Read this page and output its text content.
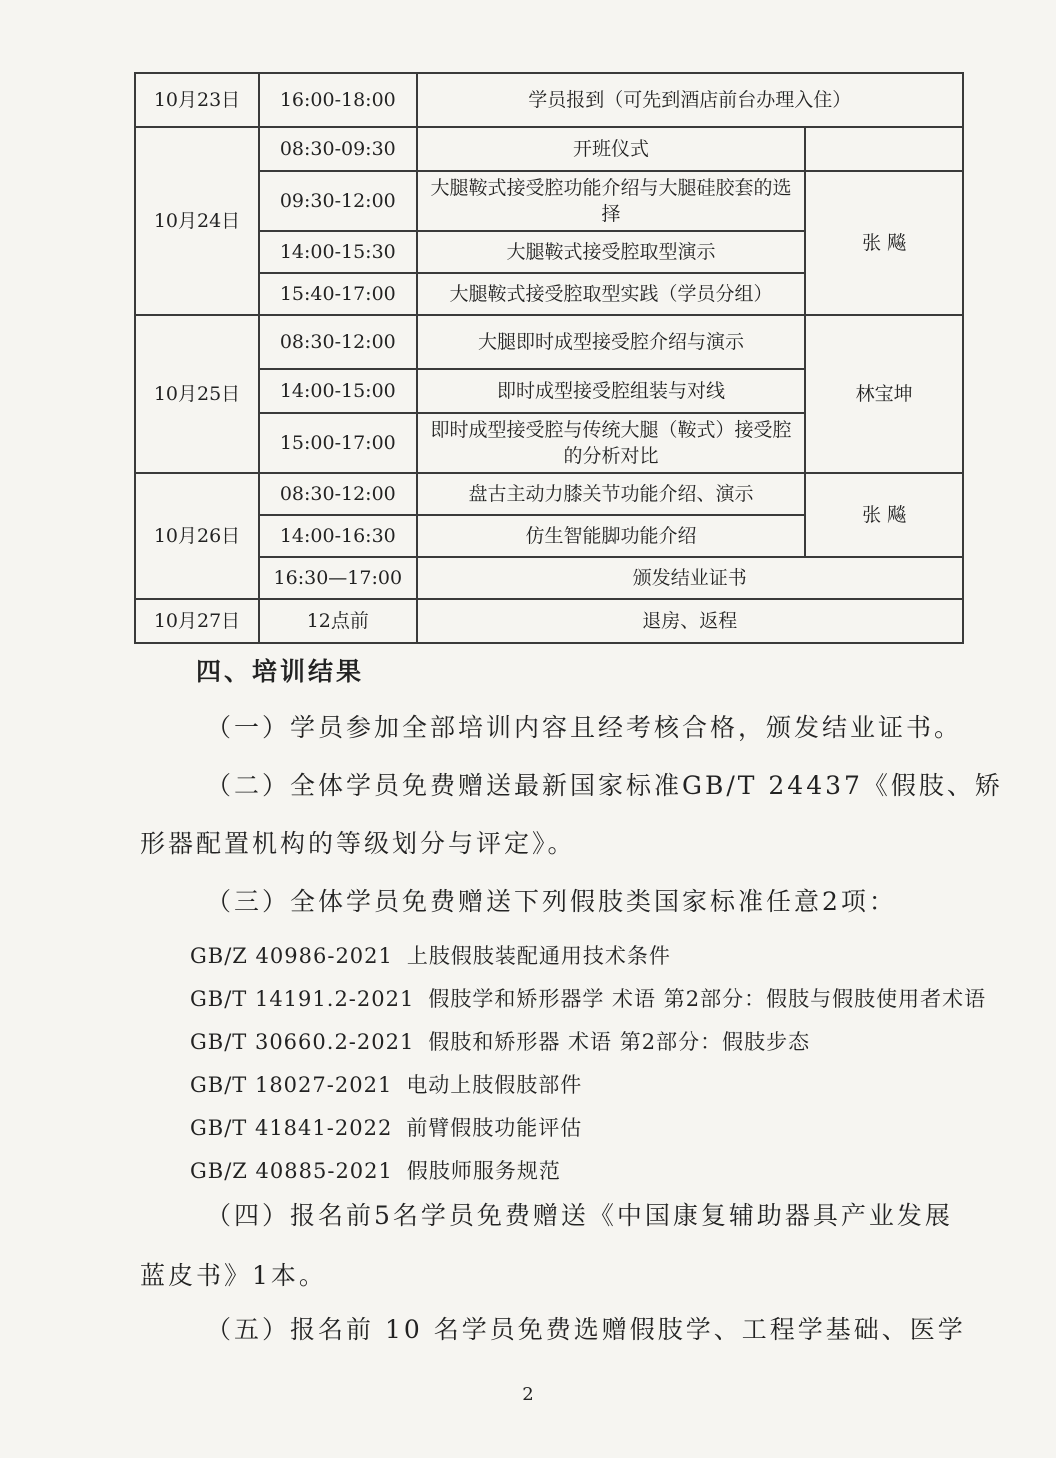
10月23日	16:00-18:00	学员报到（可先到酒店前台办理入住）	
10月24日	08:30-09:30	开班仪式	
	09:30-12:00	大腿鞍式接受腔功能介绍与大腿硅胶套的选择	张 飚
	14:00-15:30	大腿鞍式接受腔取型演示	
	15:40-17:00	大腿鞍式接受腔取型实践（学员分组）	
10月25日	08:30-12:00	大腿即时成型接受腔介绍与演示	林宝坤
	14:00-15:00	即时成型接受腔组装与对线	
	15:00-17:00	即时成型接受腔与传统大腿（鞍式）接受腔的分析对比	
10月26日	08:30-12:00	盘古主动力膝关节功能介绍、演示	张 飚
	14:00-16:30	仿生智能脚功能介绍	
	16:30—17:00	颁发结业证书	
10月27日	12点前	退房、返程	
四、培训结果

（一）学员参加全部培训内容且经考核合格，颁发结业证书。

（二）全体学员免费赠送最新国家标准GB/T 24437《假肢、矫

形器配置机构的等级划分与评定》。

（三）全体学员免费赠送下列假肢类国家标准任意2项：

GB/Z 40986-2021 上肢假肢装配通用技术条件
GB/T 14191.2-2021 假肢学和矫形器学 术语 第2部分：假肢与假肢使用者术语
GB/T 30660.2-2021 假肢和矫形器 术语 第2部分：假肢步态
GB/T 18027-2021 电动上肢假肢部件
GB/T 41841-2022 前臂假肢功能评估
GB/Z 40885-2021 假肢师服务规范

（四）报名前5名学员免费赠送《中国康复辅助器具产业发展

蓝皮书》1本。

（五）报名前 10 名学员免费选赠假肢学、工程学基础、医学

2
